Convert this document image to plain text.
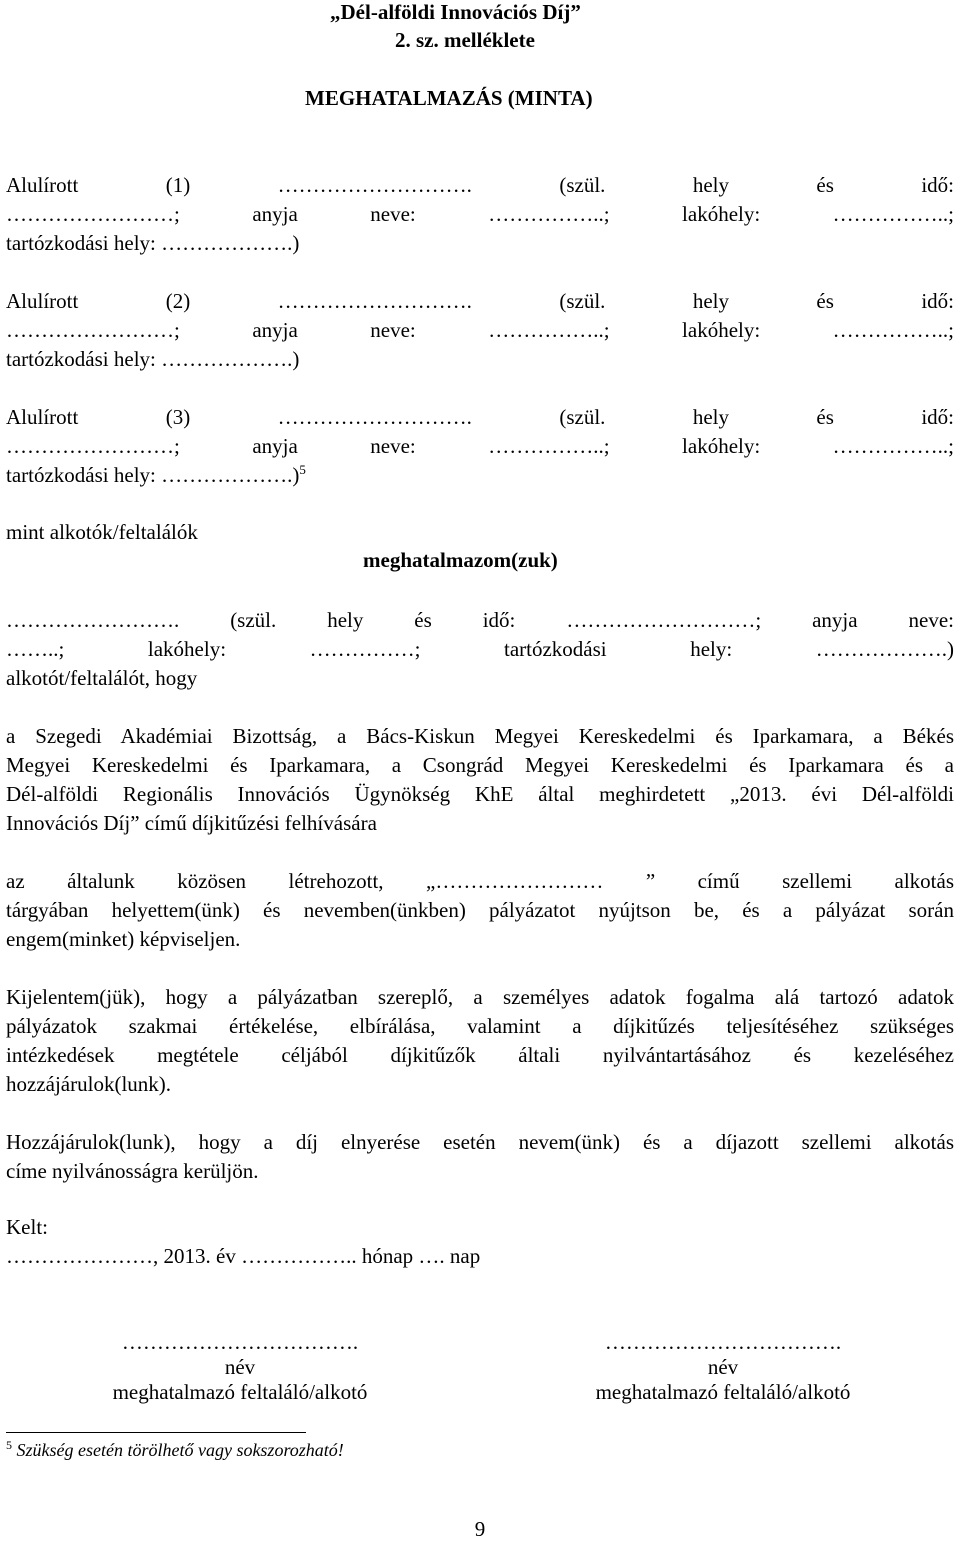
„Dél-alföldi Innovációs Díj”
2. sz. melléklete
MEGHATALMAZÁS (MINTA)
Alulírott (1) ………………………. (szül. hely és idő:
……………………; anyja neve: ……………..; lakóhely: ……………..;
tartózkodási hely: ……………….)
Alulírott (2) ………………………. (szül. hely és idő:
……………………; anyja neve: ……………..; lakóhely: ……………..;
tartózkodási hely: ……………….)
Alulírott (3) ………………………. (szül. hely és idő:
……………………; anyja neve: ……………..; lakóhely: ……………..;
tartózkodási hely: ……………….)$^5$
mint alkotók/feltalálók
meghatalmazom(zuk)
……………………. (szül. hely és idő: ………………………; anyja neve:
……..; lakóhely: ……………; tartózkodási hely: ……………….)
alkotót/feltalálót, hogy
a Szegedi Akadémiai Bizottság, a Bács-Kiskun Megyei Kereskedelmi és Iparkamara, a Békés
Megyei Kereskedelmi és Iparkamara, a Csongrád Megyei Kereskedelmi és Iparkamara és a
Dél-alföldi Regionális Innovációs Ügynökség KhE által meghirdetett „2013. évi Dél-alföldi
Innovációs Díj” című díjkitűzési felhívására
az általunk közösen létrehozott, „…………………… ” című szellemi alkotás
tárgyában helyettem(ünk) és nevemben(ünkben) pályázatot nyújtson be, és a pályázat során
engem(minket) képviseljen.
Kijelentem(jük), hogy a pályázatban szereplő, a személyes adatok fogalma alá tartozó adatok
pályázatok szakmai értékelése, elbírálása, valamint a díjkitűzés teljesítéséhez szükséges
intézkedések megtétele céljából díjkitűzők általi nyilvántartásához és kezeléséhez
hozzájárulok(lunk).
Hozzájárulok(lunk), hogy a díj elnyerése esetén nevem(ünk) és a díjazott szellemi alkotás
címe nyilvánosságra kerüljön.
Kelt:
…………………, 2013. év …………….. hónap …. nap
…………………………….
név
meghatalmazó feltaláló/alkotó
…………………………….
név
meghatalmazó feltaláló/alkotó
$^5$ Szükség esetén törölhető vagy sokszorozható!
9
